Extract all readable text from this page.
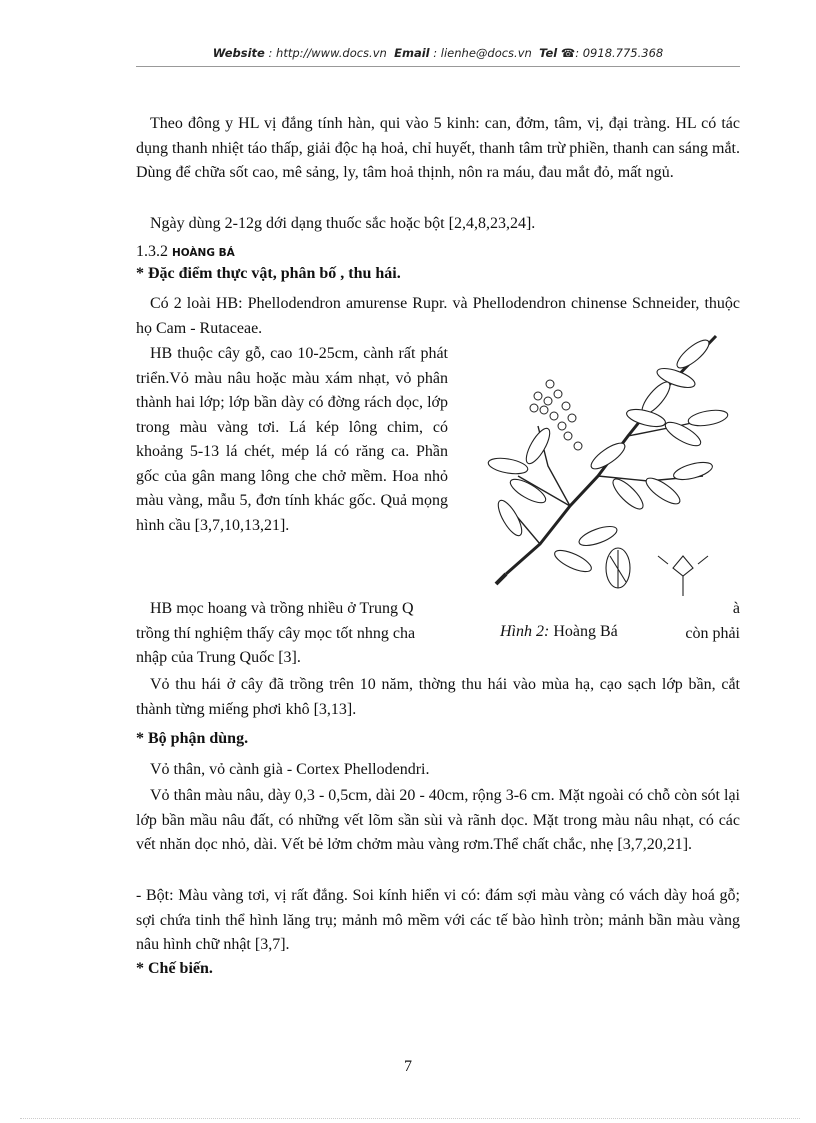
Website : http://www.docs.vn Email : lienhe@docs.vn Tel ☎: 0918.775.368

Theo đông y HL vị đắng tính hàn, qui vào 5 kinh: can, đởm, tâm, vị, đại tràng. HL có tác dụng thanh nhiệt táo thấp, giải độc hạ hoả, chỉ huyết, thanh tâm trừ phiền, thanh can sáng mắt. Dùng để chữa sốt cao, mê sảng, ly, tâm hoả thịnh, nôn ra máu, đau mắt đỏ, mất ngủ.

Ngày dùng 2-12g dới dạng thuốc sắc hoặc bột [2,4,8,23,24].

1.3.2 HOÀNG BÁ

* Đặc điểm thực vật, phân bố , thu hái.

Có 2 loài HB: Phellodendron amurense Rupr. và Phellodendron chinense Schneider, thuộc họ Cam - Rutaceae.

HB thuộc cây gỗ, cao 10-25cm, cành rất phát triển.Vỏ màu nâu hoặc màu xám nhạt, vỏ phân thành hai lớp; lớp bần dày có đờng rách dọc, lớp trong màu vàng tơi. Lá kép lông chim, có khoảng 5-13 lá chét, mép lá có răng ca. Phần gốc của gân mang lông che chở mềm. Hoa nhỏ màu vàng, mẫu 5, đơn tính khác gốc. Quả mọng hình cầu [3,7,10,13,21].

HB mọc hoang và trồng nhiều ở Trung Q	à
trồng thí nghiệm thấy cây mọc tốt nhng cha	còn phải
nhập của Trung Quốc [3].
Hình 2: Hoàng Bá

Vỏ thu hái ở cây đã trồng trên 10 năm, thờng thu hái vào mùa hạ, cạo sạch lớp bần, cắt thành từng miếng phơi khô [3,13].

* Bộ phận dùng.

Vỏ thân, vỏ cành già - Cortex Phellodendri.

Vỏ thân màu nâu, dày 0,3 - 0,5cm, dài 20 - 40cm, rộng 3-6 cm. Mặt ngoài có chỗ còn sót lại lớp bần mầu nâu đất, có những vết lõm sần sùi và rãnh dọc. Mặt trong màu nâu nhạt, có các vết nhăn dọc nhỏ, dài. Vết bẻ lởm chởm màu vàng rơm.Thể chất chắc, nhẹ [3,7,20,21].

- Bột: Màu vàng tơi, vị rất đắng. Soi kính hiển vi có: đám sợi màu vàng có vách dày hoá gỗ; sợi chứa tinh thể hình lăng trụ; mảnh mô mềm với các tế bào hình tròn; mảnh bần màu vàng nâu hình chữ nhật [3,7].

* Chế biến.

7
